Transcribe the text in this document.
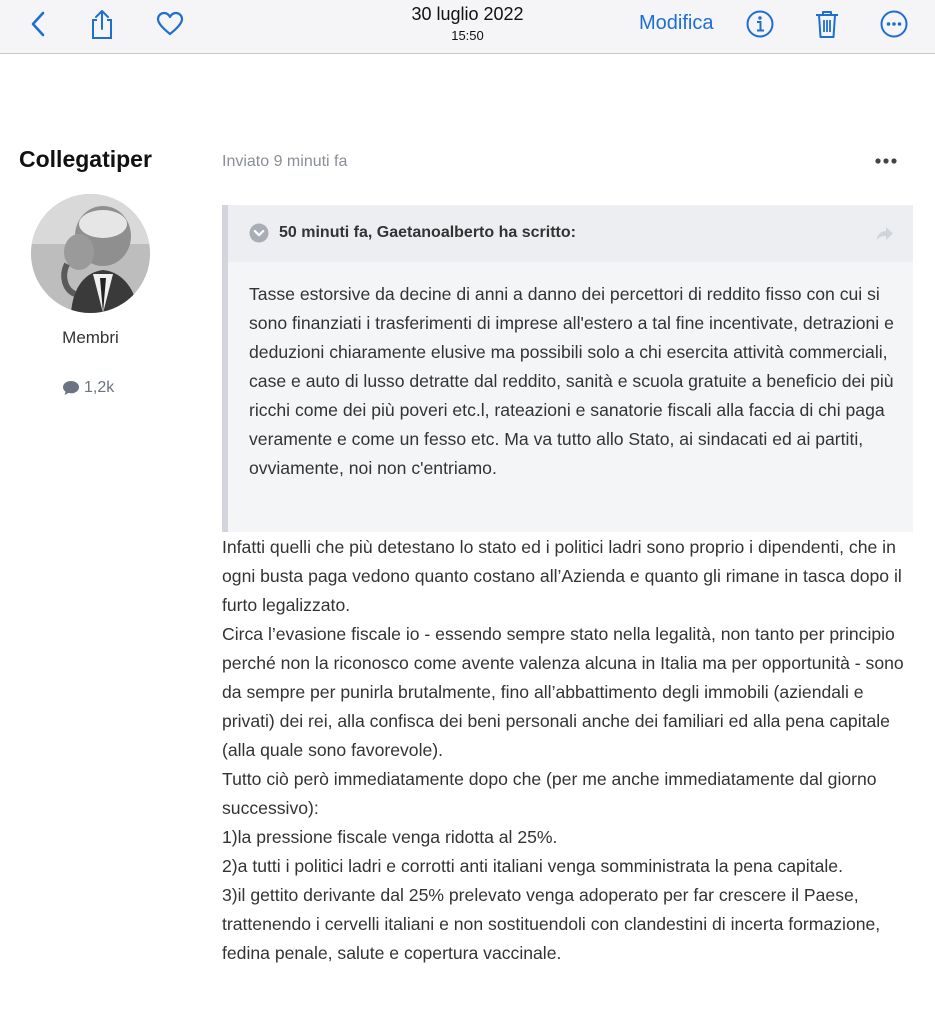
30 luglio 2022
15:50
Modifica
Collegatiper
Membri
1,2k
Inviato 9 minuti fa
50 minuti fa, Gaetanoalberto ha scritto:

Tasse estorsive da decine di anni a danno dei percettori di reddito fisso con cui si sono finanziati i trasferimenti di imprese all'estero a tal fine incentivate, detrazioni e deduzioni chiaramente elusive ma possibili solo a chi esercita attività commerciali, case e auto di lusso detratte dal reddito, sanità e scuola gratuite a beneficio dei più ricchi come dei più poveri etc.l, rateazioni e sanatorie fiscali alla faccia di chi paga veramente e come un fesso etc. Ma va tutto allo Stato, ai sindacati ed ai partiti, ovviamente, noi non c'entriamo.

Infatti quelli che più detestano lo stato ed i politici ladri sono proprio i dipendenti, che in ogni busta paga vedono quanto costano all’Azienda e quanto gli rimane in tasca dopo il furto legalizzato.

Circa l’evasione fiscale io - essendo sempre stato nella legalità, non tanto per principio perché non la riconosco come avente valenza alcuna in Italia ma per opportunità - sono da sempre per punirla brutalmente, fino all’abbattimento degli immobili (aziendali e privati) dei rei, alla confisca dei beni personali anche dei familiari ed alla pena capitale (alla quale sono favorevole).

Tutto ciò però immediatamente dopo che (per me anche immediatamente dal giorno successivo):

1)la pressione fiscale venga ridotta al 25%.

2)a tutti i politici ladri e corrotti anti italiani venga somministrata la pena capitale.

3)il gettito derivante dal 25% prelevato venga adoperato per far crescere il Paese, trattenendo i cervelli italiani e non sostituendoli con clandestini di incerta formazione, fedina penale, salute e copertura vaccinale.
